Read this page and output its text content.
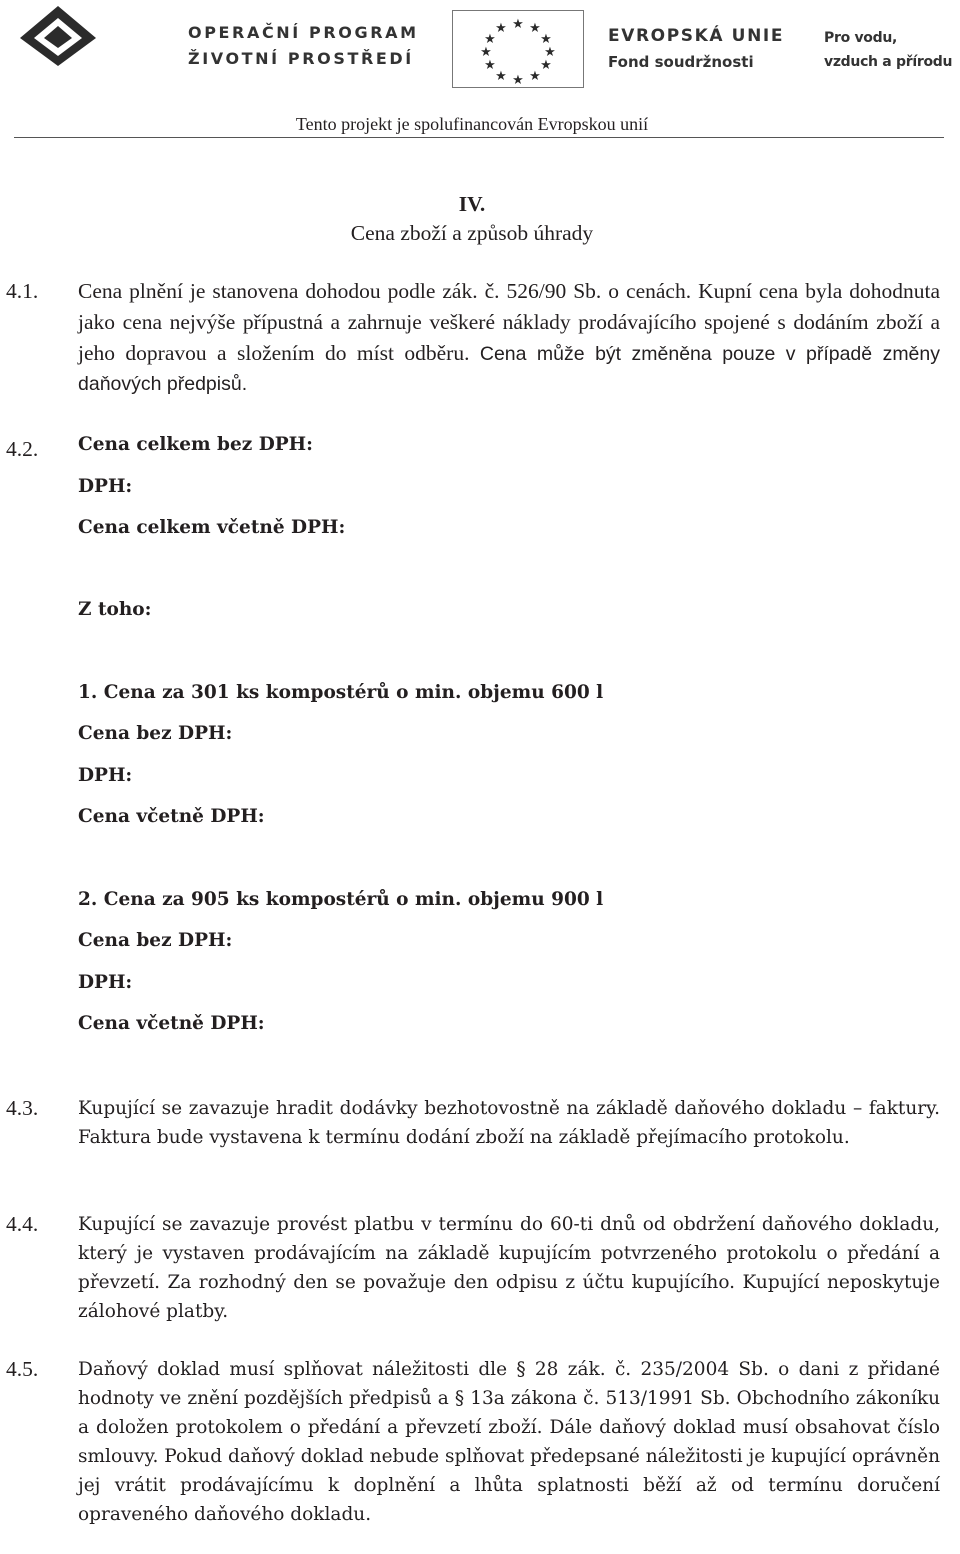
OPERAČNÍ PROGRAM
ŽIVOTNÍ PROSTŘEDÍ
★ ★
★
★
★
★
★
★
★
★
★
★	EVROPSKÁ UNIE
Fond soudržnosti
Pro vodu,
vzduch a přírodu
Tento projekt je spolufinancován Evropskou unií
IV.
Cena zboží a způsob úhrady
4.1. Cena plnění je stanovena dohodou podle zák. č. 526/90 Sb. o cenách. Kupní cena byla dohodnuta jako cena nejvýše přípustná a zahrnuje veškeré náklady prodávajícího spojené s dodáním zboží a jeho dopravou a složením do míst odběru. Cena může být změněna pouze v případě změny daňových předpisů.
4.2. Cena celkem bez DPH:
DPH:
Cena celkem včetně DPH:
Z toho:
1. Cena za 301 ks kompostérů o min. objemu 600 l
Cena bez DPH:
DPH:
Cena včetně DPH:
2. Cena za 905 ks kompostérů o min. objemu 900 l
Cena bez DPH:
DPH:
Cena včetně DPH:
4.3. Kupující se zavazuje hradit dodávky bezhotovostně na základě daňového dokladu – faktury. Faktura bude vystavena k termínu dodání zboží na základě přejímacího protokolu.
4.4. Kupující se zavazuje provést platbu v termínu do 60-ti dnů od obdržení daňového dokladu, který je vystaven prodávajícím na základě kupujícím potvrzeného protokolu o předání a převzetí. Za rozhodný den se považuje den odpisu z účtu kupujícího. Kupující neposkytuje zálohové platby.
4.5. Daňový doklad musí splňovat náležitosti dle § 28 zák. č. 235/2004 Sb. o dani z přidané hodnoty ve znění pozdějších předpisů a § 13a zákona č. 513/1991 Sb. Obchodního zákoníku a doložen protokolem o předání a převzetí zboží. Dále daňový doklad musí obsahovat číslo smlouvy. Pokud daňový doklad nebude splňovat předepsané náležitosti je kupující oprávněn jej vrátit prodávajícímu k doplnění a lhůta splatnosti běží až od termínu doručení opraveného daňového dokladu.
